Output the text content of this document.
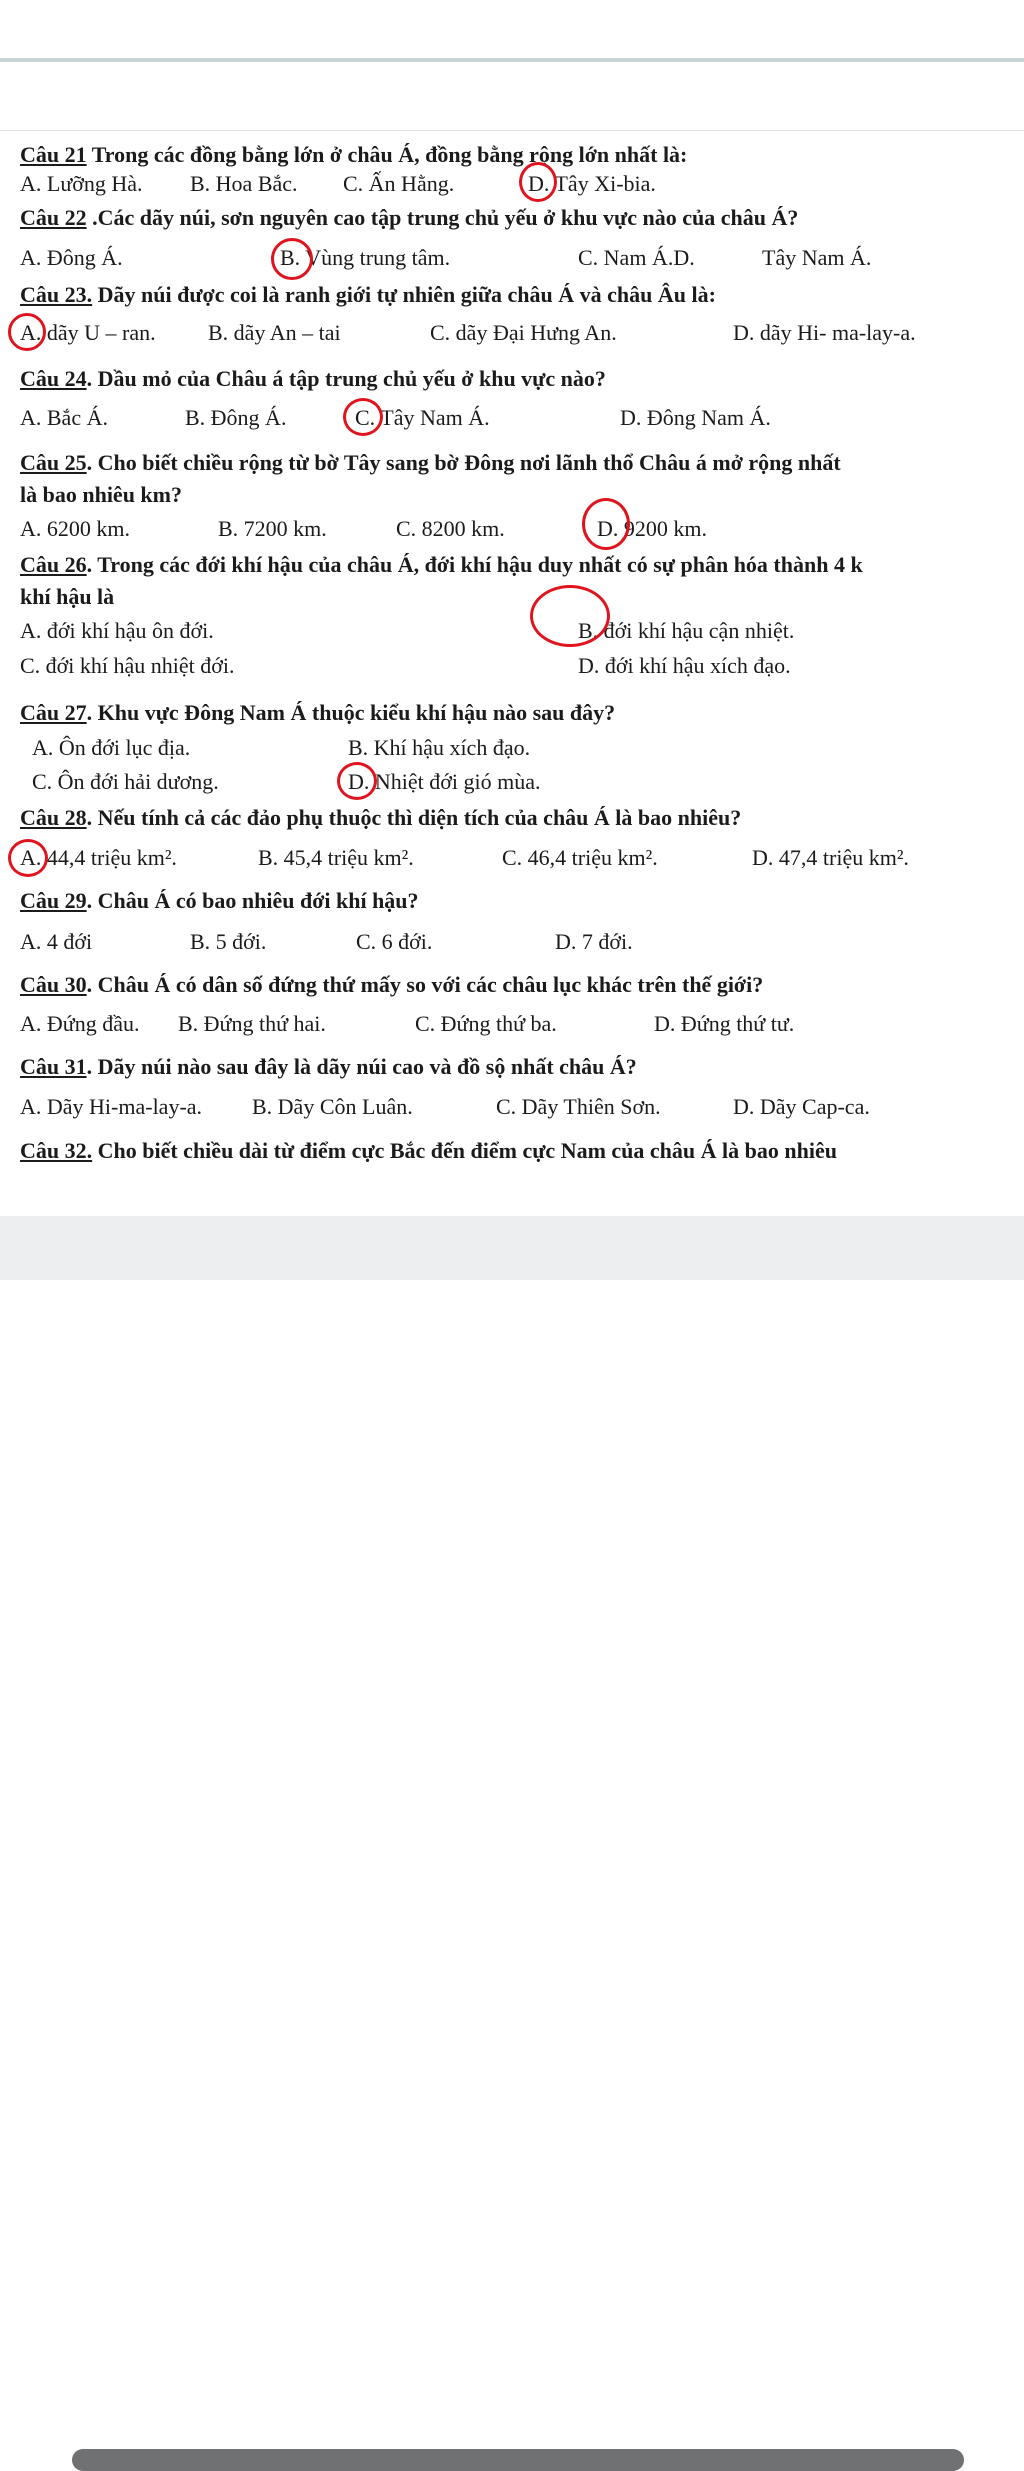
Câu 21 Trong các đồng bằng lớn ở châu Á, đồng bằng rộng lớn nhất là:
A. Lưỡng Hà. B. Hoa Bắc. C. Ấn Hằng.	D. Tây Xi-bia.
Câu 22 .Các dãy núi, sơn nguyên cao tập trung chủ yếu ở khu vực nào của châu Á?
A. Đông Á.	B. Vùng trung tâm.	C. Nam Á.D.	Tây Nam Á.
Câu 23. Dãy núi được coi là ranh giới tự nhiên giữa châu Á và châu Âu là:
A. dãy U – ran. B. dãy An – tai	C. dãy Đại Hưng An.	D. dãy Hi- ma-lay-a.
Câu 24. Dầu mỏ của Châu á tập trung chủ yếu ở khu vực nào?
A. Bắc Á.	B. Đông Á.	C. Tây Nam Á.	D. Đông Nam Á.
Câu 25. Cho biết chiều rộng từ bờ Tây sang bờ Đông nơi lãnh thổ Châu á mở rộng nhất
là bao nhiêu km?
A. 6200 km.	B. 7200 km.	C. 8200 km.	D. 9200 km.
Câu 26. Trong các đới khí hậu của châu Á, đới khí hậu duy nhất có sự phân hóa thành 4 k
khí hậu là
A. đới khí hậu ôn đới.	B. đới khí hậu cận nhiệt.
C. đới khí hậu nhiệt đới.	D. đới khí hậu xích đạo.
Câu 27. Khu vực Đông Nam Á thuộc kiểu khí hậu nào sau đây?
A. Ôn đới lục địa.	B. Khí hậu xích đạo.
C. Ôn đới hải dương.	D. Nhiệt đới gió mùa.
Câu 28. Nếu tính cả các đảo phụ thuộc thì diện tích của châu Á là bao nhiêu?
A. 44,4 triệu km².	B. 45,4 triệu km².	C. 46,4 triệu km².	D. 47,4 triệu km².
Câu 29. Châu Á có bao nhiêu đới khí hậu?
A. 4 đới	B. 5 đới.	C. 6 đới.	D. 7 đới.
Câu 30. Châu Á có dân số đứng thứ mấy so với các châu lục khác trên thế giới?
A. Đứng đầu. B. Đứng thứ hai.	C. Đứng thứ ba.	D. Đứng thứ tư.
Câu 31. Dãy núi nào sau đây là dãy núi cao và đồ sộ nhất châu Á?
A. Dãy Hi-ma-lay-a. B. Dãy Côn Luân.	C. Dãy Thiên Sơn.	D. Dãy Cap-ca.
Câu 32. Cho biết chiều dài từ điểm cực Bắc đến điểm cực Nam của châu Á là bao nhiêu
